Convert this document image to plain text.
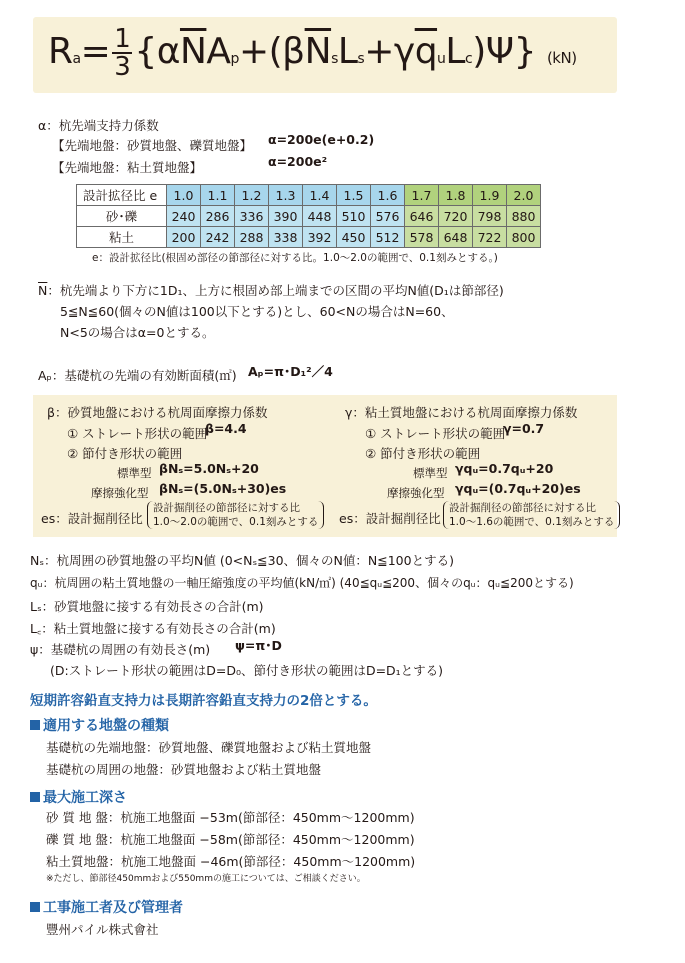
$Ra= \frac{1}{3} \{\alpha\overline{N}Ap+(\beta\overline{N}sLs+\gamma\overline{q}uLc)\Psi\}$ (kN)
α：杭先端支持力係数
【先端地盤：砂質地盤、礫質地盤】 α=200e(e+0.2)
【先端地盤：粘土質地盤】	α=200e²
設計拡径比 e	1.0	1.1	1.2	1.3	1.4	1.5	1.6	1.7	1.8	1.9	2.0
砂･礫	240	286	336	390	448	510	576	646	720	798	880
粘土	200	242	288	338	392	450	512	578	648	722	800
e：設計拡径比(根固め部径の節部径に対する比。1.0～2.0の範囲で、0.1刻みとする。)
$\overline{N}$：杭先端より下方に1D₁、上方に根固め部上端までの区間の平均N値(D₁は節部径)
5≦N≦60(個々のN値は100以下とする)とし、60<Nの場合はN=60、
N<5の場合はα=0とする。
Aₚ：基礎杭の先端の有効断面積(㎡) Aₚ=π･D₁²／4
β：砂質地盤における杭周面摩擦力係数
① ストレート形状の範囲
β=4.4
② 節付き形状の範囲
標準型 βNₛ=5.0Nₛ+20
摩擦強化型 βNₛ=(5.0Nₛ+30)es
es：設計掘削径比
設計掘削径の節部径に対する比
1.0～2.0の範囲で、0.1刻みとする
γ：粘土質地盤における杭周面摩擦力係数
① ストレート形状の範囲
γ=0.7
② 節付き形状の範囲
標準型 γqᵤ=0.7qᵤ+20
摩擦強化型 γqᵤ=(0.7qᵤ+20)es
es：設計掘削径比
設計掘削径の節部径に対する比
1.0～1.6の範囲で、0.1刻みとする
Nₛ：杭周囲の砂質地盤の平均N値 (0<Nₛ≦30、個々のN値：N≦100とする)
qᵤ：杭周囲の粘土質地盤の一軸圧縮強度の平均値(kN/㎡) (40≦qᵤ≦200、個々のqᵤ：qᵤ≦200とする)
Lₛ：砂質地盤に接する有効長さの合計(m)
L꜀：粘土質地盤に接する有効長さの合計(m)
ψ：基礎杭の周囲の有効長さ(m) ψ=π･D
(D:ストレート形状の範囲はD=D₀、節付き形状の範囲はD=D₁とする)
短期許容鉛直支持力は長期許容鉛直支持力の2倍とする。
適用する地盤の種類
基礎杭の先端地盤：砂質地盤、礫質地盤および粘土質地盤
基礎杭の周囲の地盤：砂質地盤および粘土質地盤
最大施工深さ
砂 質 地 盤：杭施工地盤面 −53m(節部径：450mm～1200mm)
礫 質 地 盤：杭施工地盤面 −58m(節部径：450mm～1200mm)
粘土質地盤：杭施工地盤面 −46m(節部径：450mm～1200mm)
※ただし、節部径450mmおよび550mmの施工については、ご相談ください。
工事施工者及び管理者
豐州パイル株式會社
